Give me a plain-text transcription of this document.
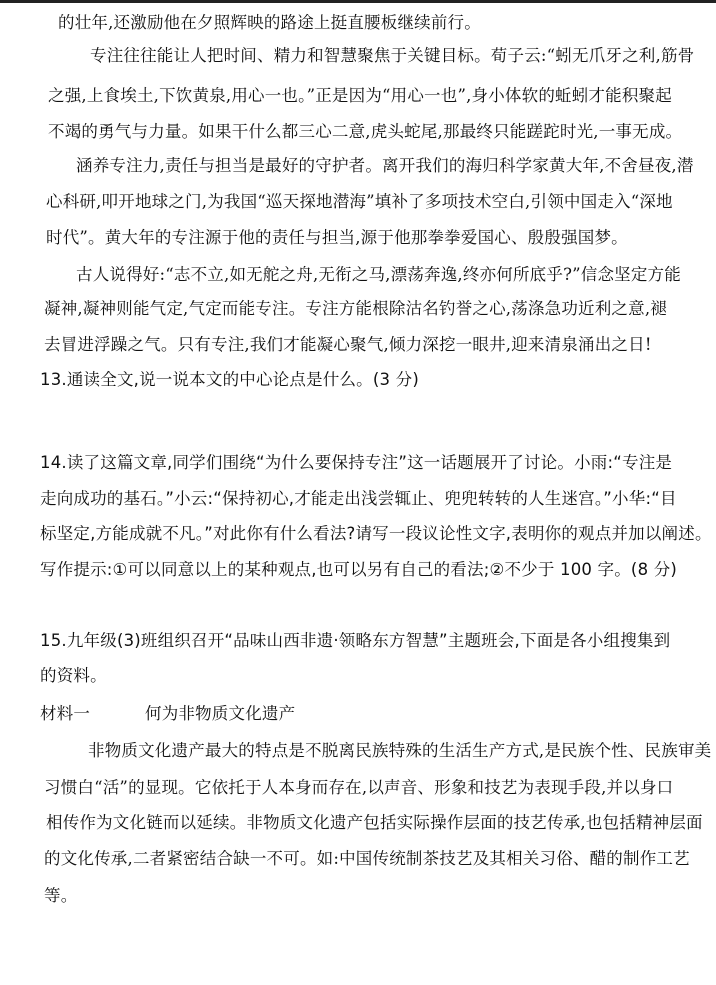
的壮年,还激励他在夕照辉映的路途上挺直腰板继续前行。
专注往往能让人把时间、精力和智慧聚焦于关键目标。荀子云:“蚓无爪牙之利,筋骨
之强,上食埃土,下饮黄泉,用心一也。”正是因为“用心一也”,身小体软的蚯蚓才能积聚起
不竭的勇气与力量。如果干什么都三心二意,虎头蛇尾,那最终只能蹉跎时光,一事无成。
涵养专注力,责任与担当是最好的守护者。离开我们的海归科学家黄大年,不舍昼夜,潜
心科研,叩开地球之门,为我国“巡天探地潜海”填补了多项技术空白,引领中国走入“深地
时代”。黄大年的专注源于他的责任与担当,源于他那拳拳爱国心、殷殷强国梦。
古人说得好:“志不立,如无舵之舟,无衔之马,漂荡奔逸,终亦何所底乎?”信念坚定方能
凝神,凝神则能气定,气定而能专注。专注方能根除沽名钓誉之心,荡涤急功近利之意,褪
去冒进浮躁之气。只有专注,我们才能凝心聚气,倾力深挖一眼井,迎来清泉涌出之日!
13.通读全文,说一说本文的中心论点是什么。(3 分)
14.读了这篇文章,同学们围绕“为什么要保持专注”这一话题展开了讨论。小雨:“专注是
走向成功的基石。”小云:“保持初心,才能走出浅尝辄止、兜兜转转的人生迷宫。”小华:“目
标坚定,方能成就不凡。”对此你有什么看法?请写一段议论性文字,表明你的观点并加以阐述。
写作提示:①可以同意以上的某种观点,也可以另有自己的看法;②不少于 100 字。(8 分)
15.九年级(3)班组织召开“品味山西非遗·领略东方智慧”主题班会,下面是各小组搜集到
的资料。
材料一	何为非物质文化遗产
非物质文化遗产最大的特点是不脱离民族特殊的生活生产方式,是民族个性、民族审美
习惯白“活”的显现。它依托于人本身而存在,以声音、形象和技艺为表现手段,并以身口
相传作为文化链而以延续。非物质文化遗产包括实际操作层面的技艺传承,也包括精神层面
的文化传承,二者紧密结合缺一不可。如:中国传统制茶技艺及其相关习俗、醋的制作工艺
等。
